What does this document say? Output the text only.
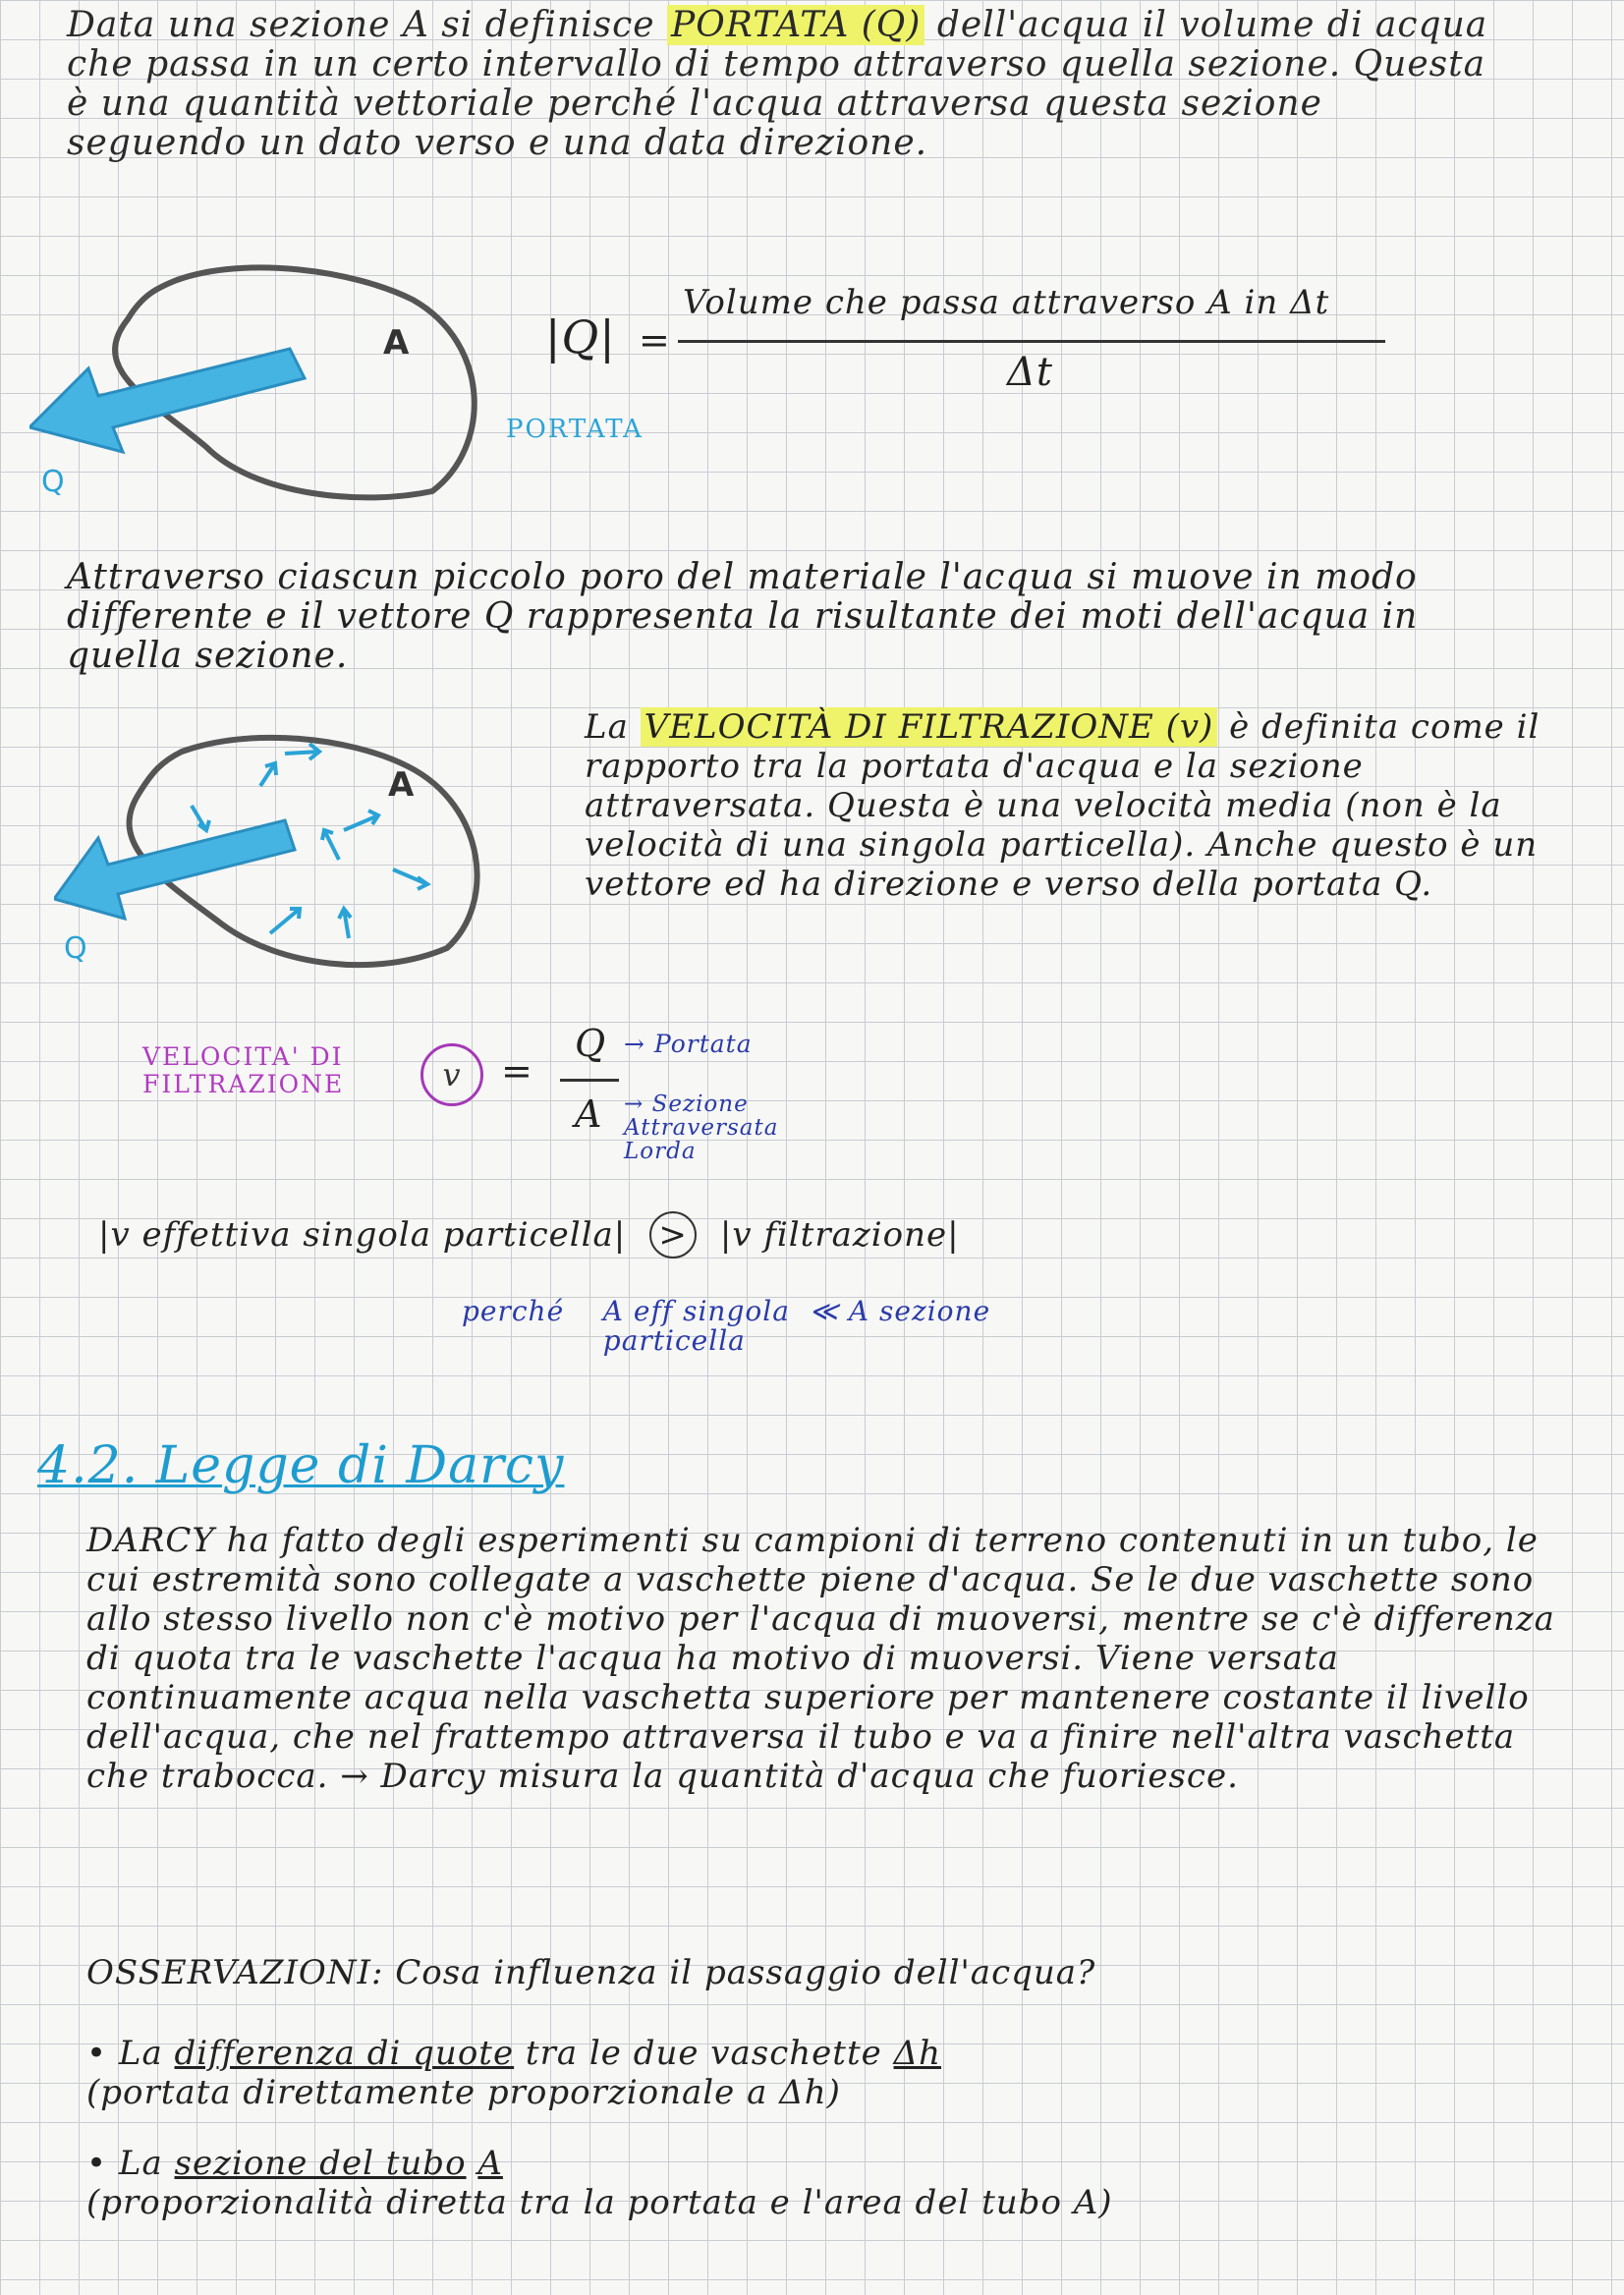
Data una sezione A si definisce PORTATA (Q) dell'acqua il volume di acqua che passa in un certo intervallo di tempo attraverso quella sezione. Questa è una quantità vettoriale perché l'acqua attraversa questa sezione seguendo un dato verso e una data direzione.
A
Q
|Q| =
Volume che passa attraverso A in Δt
Δt
PORTATA
Attraverso ciascun piccolo poro del materiale l'acqua si muove in modo differente e il vettore Q rappresenta la risultante dei moti dell'acqua in quella sezione.
A
Q
La VELOCITÀ DI FILTRAZIONE (v) è definita come il rapporto tra la portata d'acqua e la sezione attraversata. Questa è una velocità media (non è la velocità di una singola particella). Anche questo è un vettore ed ha direzione e verso della portata Q.
VELOCITA' DI FILTRAZIONE	v	=
Q
A
→ Portata
→ Sezione Attraversata Lorda
|v effettiva singola particella| > |v filtrazione|
perché A eff singola particella ≪ A sezione
4.2. Legge di Darcy
DARCY ha fatto degli esperimenti su campioni di terreno contenuti in un tubo, le cui estremità sono collegate a vaschette piene d'acqua. Se le due vaschette sono allo stesso livello non c'è motivo per l'acqua di muoversi, mentre se c'è differenza di quota tra le vaschette l'acqua ha motivo di muoversi. Viene versata continuamente acqua nella vaschetta superiore per mantenere costante il livello dell'acqua, che nel frattempo attraversa il tubo e va a finire nell'altra vaschetta che trabocca. → Darcy misura la quantità d'acqua che fuoriesce.
OSSERVAZIONI: Cosa influenza il passaggio dell'acqua?
• La differenza di quote tra le due vaschette Δh
(portata direttamente proporzionale a Δh)
• La sezione del tubo A
(proporzionalità diretta tra la portata e l'area del tubo A)
